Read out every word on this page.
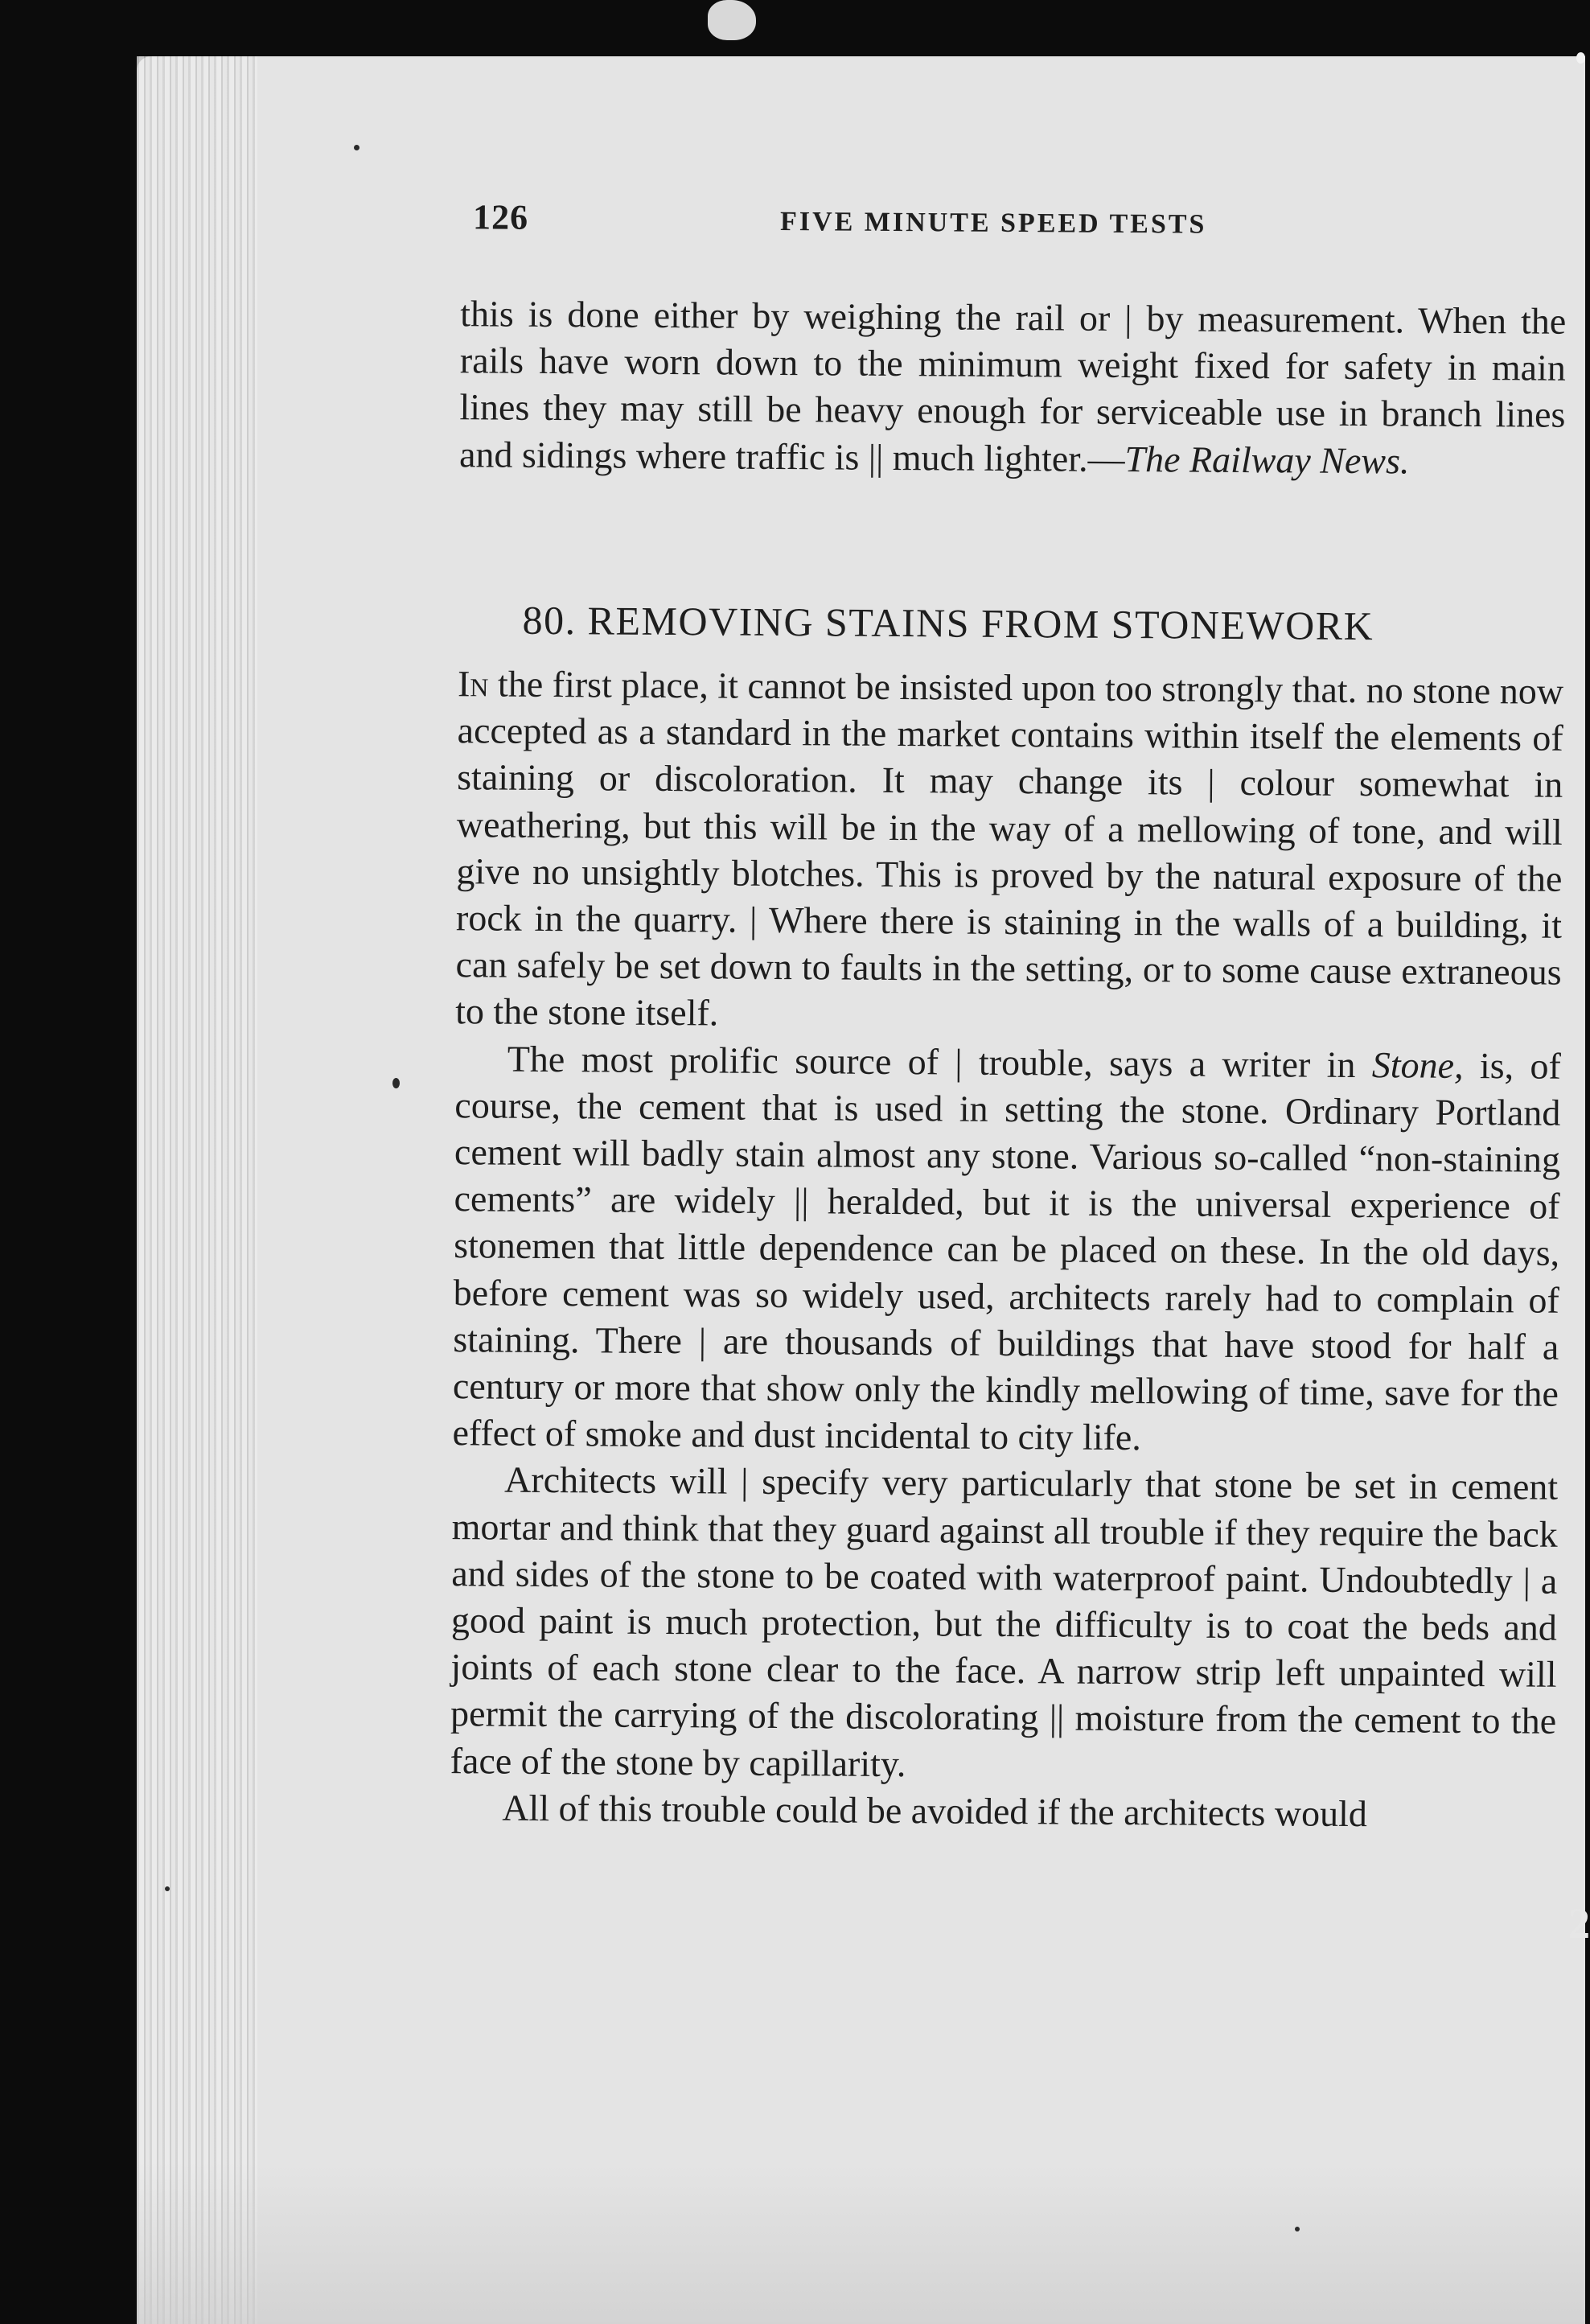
126	FIVE MINUTE SPEED TESTS
this is done either by weighing the rail or | by measurement. When the rails have worn down to the minimum weight fixed for safety in main lines they may still be heavy enough for serviceable use in branch lines and sidings where traffic is || much lighter.—The Railway News.
80. REMOVING STAINS FROM STONEWORK

In the first place, it cannot be insisted upon too strongly that. no stone now accepted as a standard in the market contains within itself the elements of staining or discoloration. It may change its | colour somewhat in weathering, but this will be in the way of a mellowing of tone, and will give no unsightly blotches. This is proved by the natural exposure of the rock in the quarry. | Where there is staining in the walls of a building, it can safely be set down to faults in the setting, or to some cause extraneous to the stone itself.

The most prolific source of | trouble, says a writer in Stone, is, of course, the cement that is used in setting the stone. Ordinary Portland cement will badly stain almost any stone. Various so-called “non-staining cements” are widely || heralded, but it is the universal experience of stonemen that little dependence can be placed on these. In the old days, before cement was so widely used, architects rarely had to complain of staining. There | are thousands of buildings that have stood for half a century or more that show only the kindly mellowing of time, save for the effect of smoke and dust incidental to city life.

Architects will | specify very particularly that stone be set in cement mortar and think that they guard against all trouble if they require the back and sides of the stone to be coated with waterproof paint. Undoubtedly | a good paint is much protection, but the difficulty is to coat the beds and joints of each stone clear to the face. A narrow strip left unpainted will permit the carrying of the discolorating || moisture from the cement to the face of the stone by capillarity.

All of this trouble could be avoided if the architects would

2
